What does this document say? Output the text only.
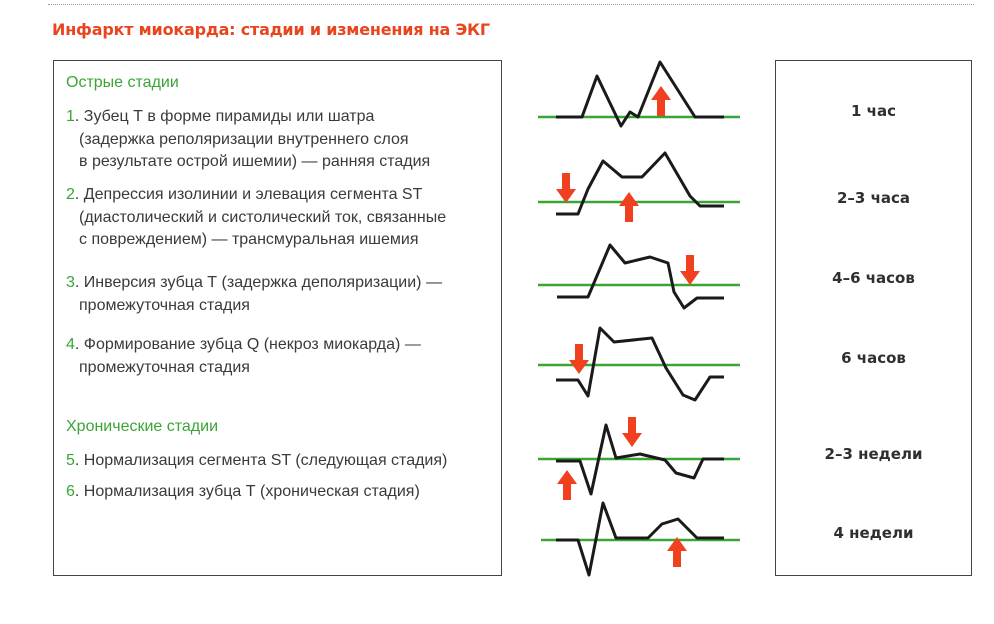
Инфаркт миокарда: стадии и изменения на ЭКГ
Острые стадии
1. Зубец Т в форме пирамиды или шатра
(задержка реполяризации внутреннего слоя
в результате острой ишемии) — ранняя стадия
2. Депрессия изолинии и элевация сегмента ST
(диастолический и систолический ток, связанные
с повреждением) — трансмуральная ишемия
3. Инверсия зубца Т (задержка деполяризации) —
промежуточная стадия
4. Формирование зубца Q (некроз миокарда) —
промежуточная стадия
Хронические стадии
5. Нормализация сегмента ST (следующая стадия)
6. Нормализация зубца Т (хроническая стадия)
1 час
2–3 часа
4–6 часов
6 часов
2–3 недели
4 недели
